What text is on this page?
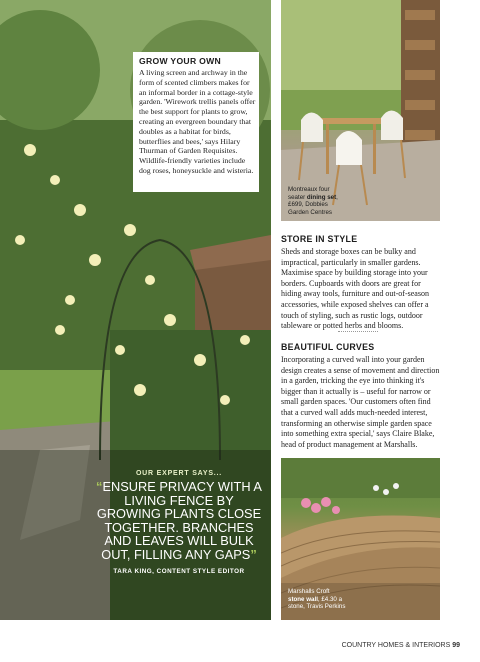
GROW YOUR OWN
A living screen and archway in the form of scented climbers makes for an informal border in a cottage-style garden. 'Wirework trellis panels offer the best support for plants to grow, creating an evergreen boundary that doubles as a habitat for birds, butterflies and bees,' says Hilary Thurman of Garden Requisites. Wildlife-friendly varieties include dog roses, honeysuckle and wisteria.
OUR EXPERT SAYS...
“ENSURE PRIVACY WITH A LIVING FENCE BY GROWING PLANTS CLOSE TOGETHER. BRANCHES AND LEAVES WILL BULK OUT, FILLING ANY GAPS”
TARA KING, CONTENT STYLE EDITOR
Montreaux four
seater dining set,
£699, Dobbies
Garden Centres
STORE IN STYLE
Sheds and storage boxes can be bulky and impractical, particularly in smaller gardens. Maximise space by building storage into your borders. Cupboards with doors are great for hiding away tools, furniture and out-of-season accessories, while exposed shelves can offer a touch of styling, such as rustic logs, outdoor tableware or potted herbs and blooms.
BEAUTIFUL CURVES
Incorporating a curved wall into your garden design creates a sense of movement and direction in a garden, tricking the eye into thinking it's bigger than it actually is – useful for narrow or small garden spaces. 'Our customers often find that a curved wall adds much-needed interest, transforming an otherwise simple garden space into something extra special,' says Claire Blake, head of product management at Marshalls.
Marshalls Croft
stone wall, £4.30 a
stone, Travis Perkins
COUNTRY HOMES & INTERIORS 99
